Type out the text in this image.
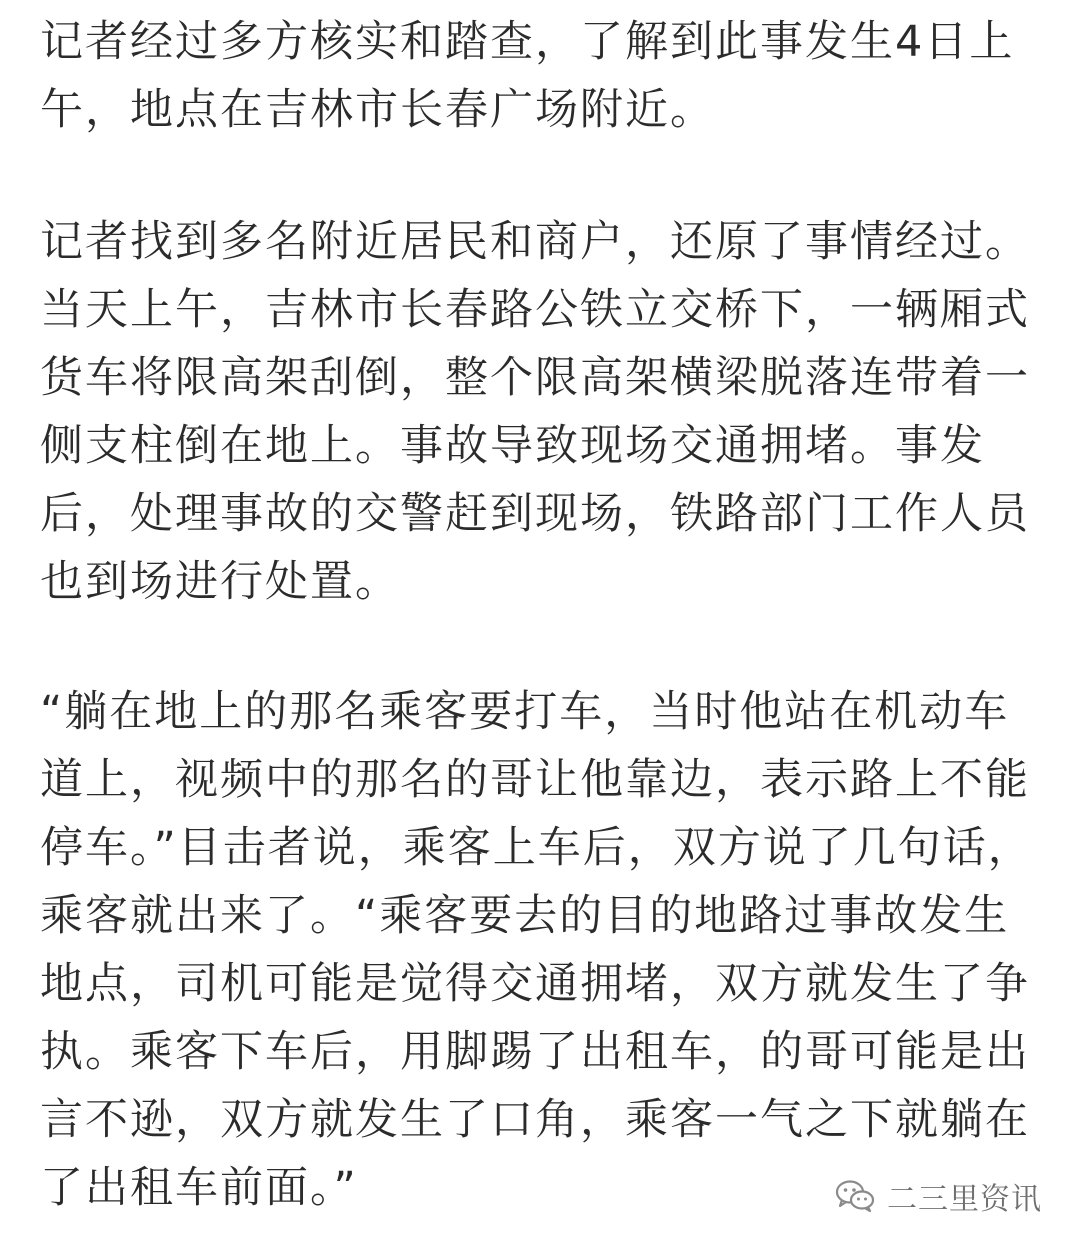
记者经过多方核实和踏查，了解到此事发生4日上午，地点在吉林市长春广场附近。

记者找到多名附近居民和商户，还原了事情经过。当天上午，吉林市长春路公铁立交桥下，一辆厢式货车将限高架刮倒，整个限高架横梁脱落连带着一侧支柱倒在地上。事故导致现场交通拥堵。事发后，处理事故的交警赶到现场，铁路部门工作人员也到场进行处置。

“躺在地上的那名乘客要打车，当时他站在机动车道上，视频中的那名的哥让他靠边，表示路上不能停车。”目击者说，乘客上车后，双方说了几句话，乘客就出来了。“乘客要去的目的地路过事故发生地点，司机可能是觉得交通拥堵，双方就发生了争执。乘客下车后，用脚踢了出租车，的哥可能是出言不逊，双方就发生了口角，乘客一气之下就躺在了出租车前面。”	二三里资讯
